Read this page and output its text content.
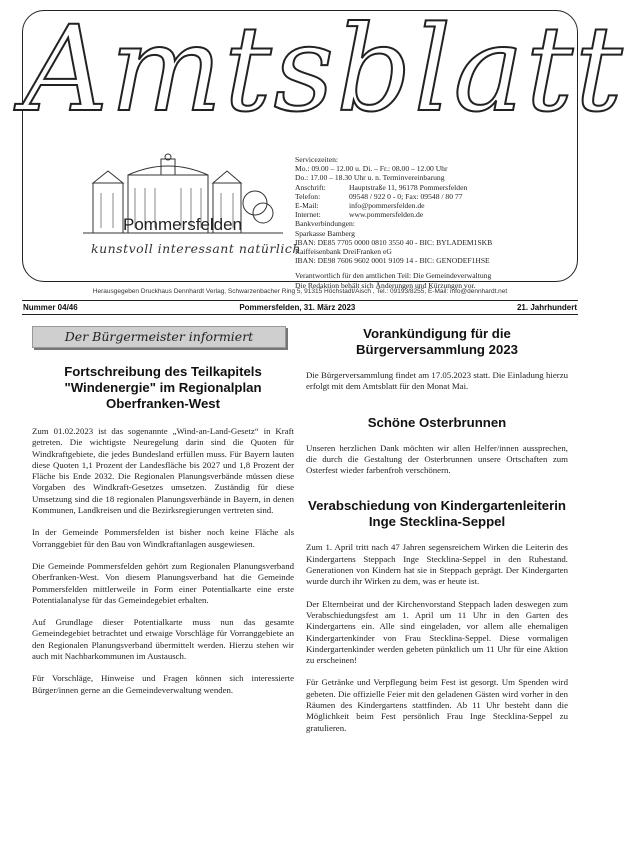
Amtsblatt
Pommersfelden
kunstvoll interessant natürlich
Servicezeiten:
Mo.: 09.00 – 12.00 u. Di. – Fr.: 08.00 – 12.00 Uhr
Do.: 17.00 – 18.30 Uhr u. n. Terminvereinbarung
Anschrift:	Hauptstraße 11, 96178 Pommersfelden
Telefon:	09548 / 922 0 - 0; Fax: 09548 / 80 77
E-Mail:	info@pommersfelden.de
Internet:	www.pommersfelden.de
Bankverbindungen:
Sparkasse Bamberg
IBAN: DE85 7705 0000 0810 3550 40 - BIC: BYLADEM1SKB
Raiffeisenbank DreiFranken eG
IBAN: DE98 7606 9602 0001 9109 14 - BIC: GENODEF1HSE
Verantwortlich für den amtlichen Teil: Die Gemeindeverwaltung
Die Redaktion behält sich Änderungen und Kürzungen vor.
Herausgegeben Druckhaus Dennhardt Verlag, Schwarzenbacher Ring 5, 91315 Höchstadt/Aisch , Tel.: 09193/8255, E-Mail: info@dennhardt.net
Nummer 04/46	Pommersfelden, 31. März 2023	21. Jahrhundert
Der Bürgermeister informiert
Fortschreibung des Teilkapitels "Windenergie" im Regionalplan Oberfranken-West

Zum 01.02.2023 ist das sogenannte „Wind-an-Land-Gesetz“ in Kraft getreten. Die wichtigste Neuregelung darin sind die Quoten für Windkraftgebiete, die jedes Bundesland erfüllen muss. Für Bayern lauten diese Quoten 1,1 Prozent der Landesfläche bis 2027 und 1,8 Prozent der Fläche bis Ende 2032. Die Regionalen Planungsverbände müssen diese Vorgaben des Windkraft-Gesetzes umsetzen. Zuständig für diese Umsetzung sind die 18 regionalen Planungsverbände in Bayern, in denen Kommunen, Landkreisen und die Bezirksregierungen vertreten sind.

In der Gemeinde Pommersfelden ist bisher noch keine Fläche als Vorranggebiet für den Bau von Windkraftanlagen ausgewiesen.

Die Gemeinde Pommersfelden gehört zum Regionalen Planungsverband Oberfranken-West. Von diesem Planungsverband hat die Gemeinde Pommersfelden mittlerweile in Form einer Potentialkarte eine erste Potentialanalyse für das Gemeindegebiet erhalten.

Auf Grundlage dieser Potentialkarte muss nun das gesamte Gemeindegebiet betrachtet und etwaige Vorschläge für Vorranggebiete an den Regionalen Planungsverband übermittelt werden. Hierzu stehen wir auch mit Nachbarkommunen im Austausch.

Für Vorschläge, Hinweise und Fragen können sich interessierte Bürger/innen gerne an die Gemeindeverwaltung wenden.

Vorankündigung für die Bürgerversammlung 2023

Die Bürgerversammlung findet am 17.05.2023 statt. Die Einladung hierzu erfolgt mit dem Amtsblatt für den Monat Mai.

Schöne Osterbrunnen

Unseren herzlichen Dank möchten wir allen Helfer/innen aussprechen, die durch die Gestaltung der Osterbrunnen unsere Ortschaften zum Osterfest wieder farbenfroh verschönern.

Verabschiedung von Kindergartenleiterin Inge Stecklina-Seppel

Zum 1. April tritt nach 47 Jahren segensreichem Wirken die Leiterin des Kindergartens Steppach Inge Stecklina-Seppel in den Ruhestand. Generationen von Kindern hat sie in Steppach geprägt. Der Kindergarten wurde durch ihr Wirken zu dem, was er heute ist.

Der Elternbeirat und der Kirchenvorstand Steppach laden deswegen zum Verabschiedungsfest am 1. April um 11 Uhr in den Garten des Kindergartens ein. Alle sind eingeladen, vor allem alle ehemaligen Kindergartenkinder von Frau Stecklina-Seppel. Diese vormaligen Kindergartenkinder werden gebeten pünktlich um 11 Uhr für eine Aktion zu erscheinen!

Für Getränke und Verpflegung beim Fest ist gesorgt. Um Spenden wird gebeten. Die offizielle Feier mit den geladenen Gästen wird vorher in den Räumen des Kindergartens stattfinden. Ab 11 Uhr besteht dann die Möglichkeit beim Fest persönlich Frau Inge Stecklina-Seppel zu gratulieren.
